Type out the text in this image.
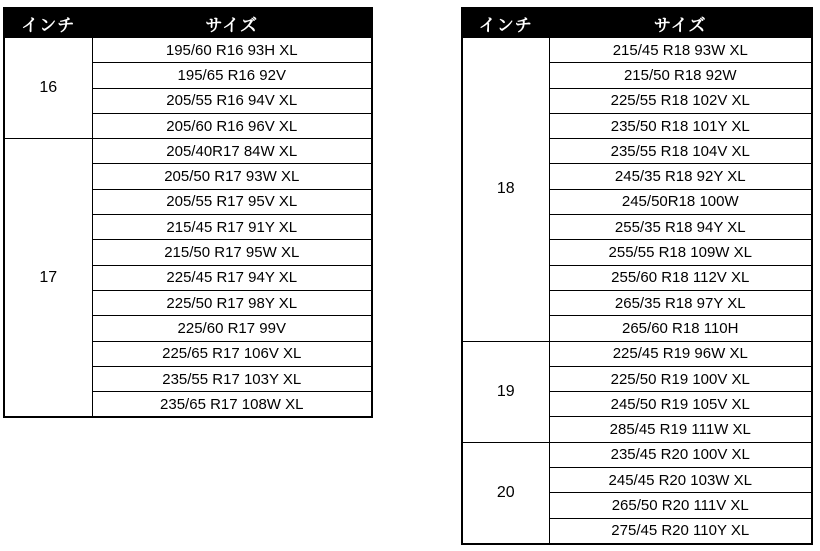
インチ	サイズ
16	195/60 R16 93H XL
	195/65 R16 92V
	205/55 R16 94V XL
	205/60 R16 96V XL
17	205/40R17 84W XL
	205/50 R17 93W XL
	205/55 R17 95V XL
	215/45 R17 91Y XL
	215/50 R17 95W XL
	225/45 R17 94Y XL
	225/50 R17 98Y XL
	225/60 R17 99V
	225/65 R17 106V XL
	235/55 R17 103Y XL
	235/65 R17 108W XL
インチ	サイズ
18	215/45 R18 93W XL
	215/50 R18 92W
	225/55 R18 102V XL
	235/50 R18 101Y XL
	235/55 R18 104V XL
	245/35 R18 92Y XL
	245/50R18 100W
	255/35 R18 94Y XL
	255/55 R18 109W XL
	255/60 R18 112V XL
	265/35 R18 97Y XL
	265/60 R18 110H
19	225/45 R19 96W XL
	225/50 R19 100V XL
	245/50 R19 105V XL
	285/45 R19 111W XL
20	235/45 R20 100V XL
	245/45 R20 103W XL
	265/50 R20 111V XL
	275/45 R20 110Y XL
